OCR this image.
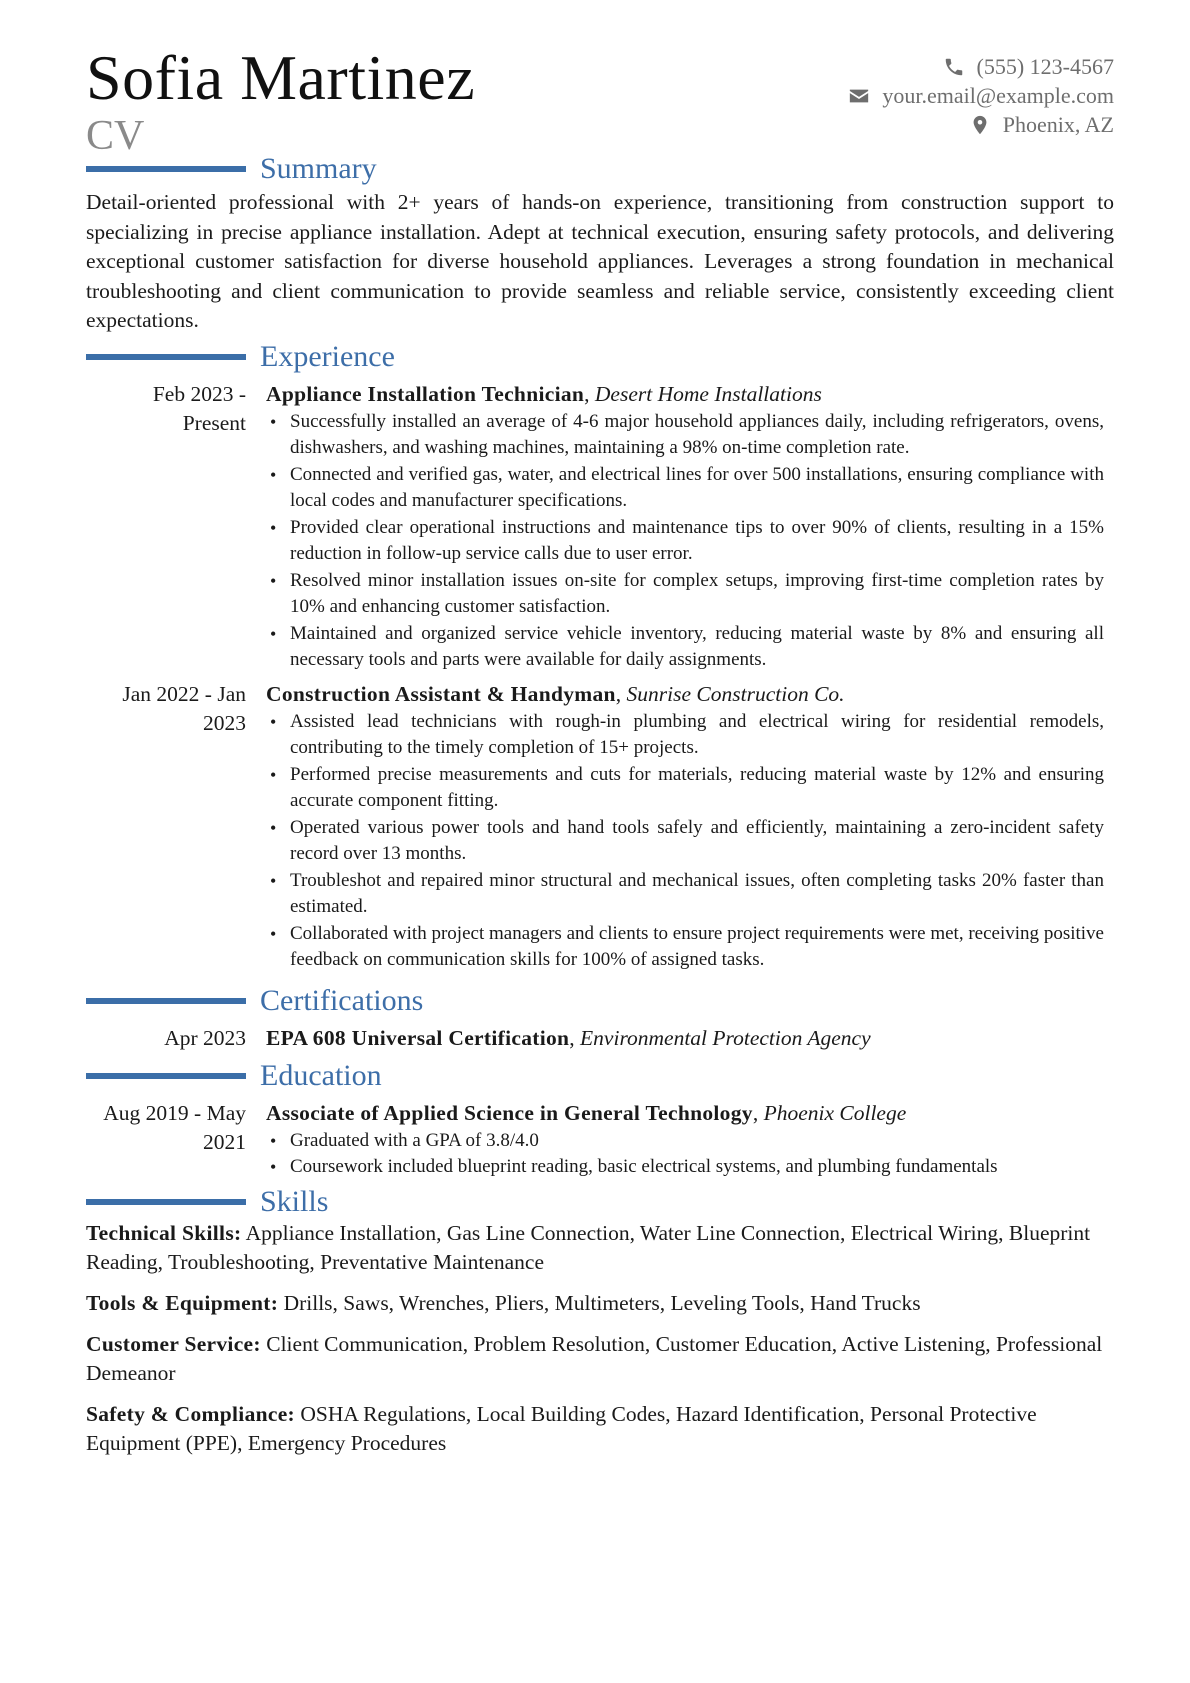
Sofia Martinez
CV
(555) 123-4567
your.email@example.com
Phoenix, AZ
Summary

Detail-oriented professional with 2+ years of hands-on experience, transitioning from construction support to specializing in precise appliance installation. Adept at technical execution, ensuring safety protocols, and delivering exceptional customer satisfaction for diverse household appliances. Leverages a strong foundation in mechanical troubleshooting and client communication to provide seamless and reliable service, consistently exceeding client expectations.

Experience
Feb 2023 - Present
Appliance Installation Technician, Desert Home Installations
• Successfully installed an average of 4-6 major household appliances daily, including refrigerators, ovens, dishwashers, and washing machines, maintaining a 98% on-time completion rate.
• Connected and verified gas, water, and electrical lines for over 500 installations, ensuring compliance with local codes and manufacturer specifications.
• Provided clear operational instructions and maintenance tips to over 90% of clients, resulting in a 15% reduction in follow-up service calls due to user error.
• Resolved minor installation issues on-site for complex setups, improving first-time completion rates by 10% and enhancing customer satisfaction.
• Maintained and organized service vehicle inventory, reducing material waste by 8% and ensuring all necessary tools and parts were available for daily assignments.
Jan 2022 - Jan 2023
Construction Assistant & Handyman, Sunrise Construction Co.
• Assisted lead technicians with rough-in plumbing and electrical wiring for residential remodels, contributing to the timely completion of 15+ projects.
• Performed precise measurements and cuts for materials, reducing material waste by 12% and ensuring accurate component fitting.
• Operated various power tools and hand tools safely and efficiently, maintaining a zero-incident safety record over 13 months.
• Troubleshot and repaired minor structural and mechanical issues, often completing tasks 20% faster than estimated.
• Collaborated with project managers and clients to ensure project requirements were met, receiving positive feedback on communication skills for 100% of assigned tasks.
Certifications
Apr 2023 EPA 608 Universal Certification, Environmental Protection Agency
Education
Aug 2019 - May 2021
Associate of Applied Science in General Technology, Phoenix College
• Graduated with a GPA of 3.8/4.0
• Coursework included blueprint reading, basic electrical systems, and plumbing fundamentals
Skills
Technical Skills: Appliance Installation, Gas Line Connection, Water Line Connection, Electrical Wiring, Blueprint Reading, Troubleshooting, Preventative Maintenance
Tools & Equipment: Drills, Saws, Wrenches, Pliers, Multimeters, Leveling Tools, Hand Trucks
Customer Service: Client Communication, Problem Resolution, Customer Education, Active Listening, Professional Demeanor
Safety & Compliance: OSHA Regulations, Local Building Codes, Hazard Identification, Personal Protective Equipment (PPE), Emergency Procedures
